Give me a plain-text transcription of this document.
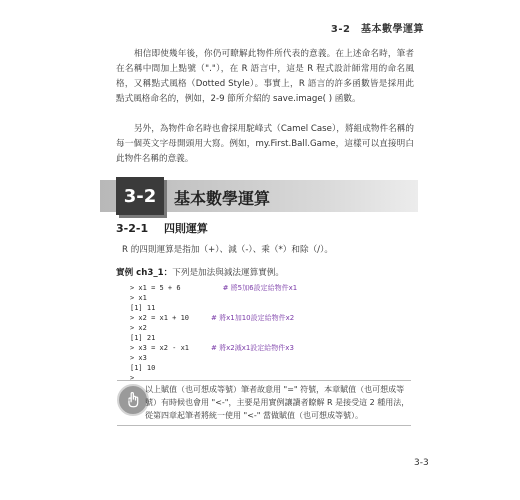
3-2　基本數學運算

相信即使幾年後，你仍可瞭解此物件所代表的意義。在上述命名時，筆者在名稱中間加上點號（"."），在 R 語言中，這是 R 程式設計師常用的命名風格，又稱點式風格（Dotted Style）。事實上，R 語言的許多函數皆是採用此點式風格命名的，例如，2-9 節所介紹的 save.image( ) 函數。

另外，為物件命名時也會採用駝峰式（Camel Case），將組成物件名稱的每一個英文字母開頭用大寫。例如，my.First.Ball.Game，這樣可以直接明白此物件名稱的意義。

3-2	基本數學運算
3-2-1 四則運算
R 的四則運算是指加（+）、減（-）、乘（*）和除（/）。
實例 ch3_1：下列是加法與減法運算實例。
> x1 = 5 + 6	# 將5加6設定給物件x1
> x1
[1] 11
> x2 = x1 + 10	# 將x1加10設定給物件x2
> x2
[1] 21
> x3 = x2 - x1	# 將x2減x1設定給物件x3
> x3
[1] 10
>

以上賦值（也可想成等號）筆者故意用 "=" 符號，本章賦值（也可想成等號）有時候也會用 "<-"，主要是用實例讓讀者瞭解 R 是接受這 2 種用法，從第四章起筆者將統一使用 "<-" 當做賦值（也可想成等號）。

3-3
